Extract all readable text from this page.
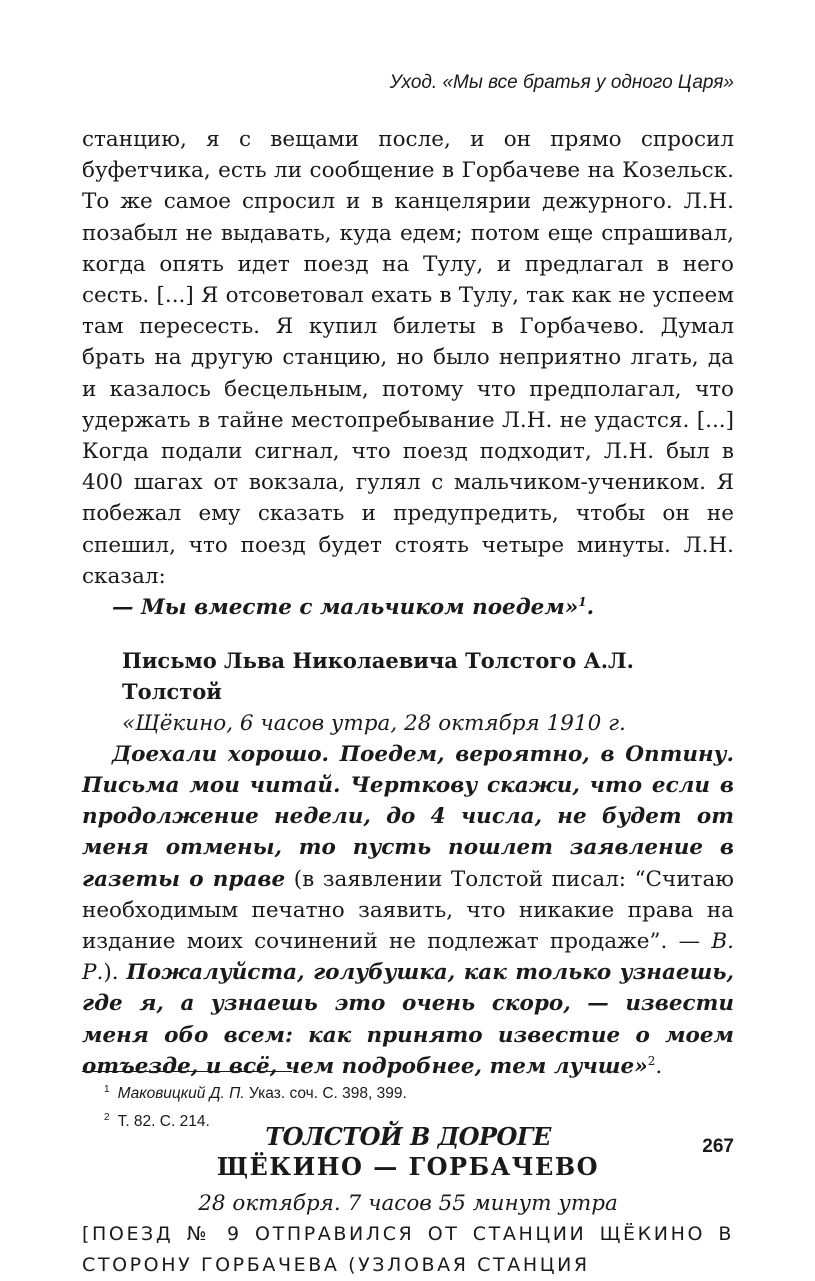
Уход. «Мы все братья у одного Царя»

станцию, я с вещами после, и он прямо спросил буфетчика, есть ли сообщение в Горбачеве на Козельск. То же самое спросил и в канцелярии дежурного. Л.Н. позабыл не выдавать, куда едем; потом еще спрашивал, когда опять идет поезд на Тулу, и предлагал в него сесть. [...] Я отсоветовал ехать в Тулу, так как не успеем там пересесть. Я купил билеты в Горбачево. Думал брать на другую станцию, но было неприятно лгать, да и казалось бесцельным, потому что предполагал, что удержать в тайне местопребывание Л.Н. не удастся. [...] Когда подали сигнал, что поезд подходит, Л.Н. был в 400 шагах от вокзала, гулял с мальчиком-учеником. Я побежал ему сказать и предупредить, чтобы он не спешил, что поезд будет стоять четыре минуты. Л.Н. сказал:

— Мы вместе с мальчиком поедем»$^1$.

Письмо Льва Николаевича Толстого А.Л. Толстой

«Щёкино, 6 часов утра, 28 октября 1910 г.

Доехали хорошо. Поедем, вероятно, в Оптину. Письма мои читай. Черткову скажи, что если в продолжение недели, до 4 числа, не будет от меня отмены, то пусть пошлет заявление в газеты о праве (в заявлении Толстой писал: “Считаю необходимым печатно заявить, что никакие права на издание моих сочинений не подлежат продаже”. — В. Р.). Пожалуйста, голубушка, как только узнаешь, где я, а узнаешь это очень скоро, — извести меня обо всем: как принято известие о моем отъезде, и всё, чем подробнее, тем лучше»$^2$.

ТОЛСТОЙ В ДОРОГЕ
ЩЁКИНО — ГОРБАЧЕВО
28 октября. 7 часов 55 минут утра

[ПОЕЗД № 9 ОТПРАВИЛСЯ ОТ СТАНЦИИ ЩЁКИНО В СТОРОНУ ГОРБАЧЕВА (УЗЛОВАЯ СТАНЦИЯ

$^1$ Маковицкий Д. П. Указ. соч. С. 398, 399.
$^2$ Т. 82. С. 214.
267
